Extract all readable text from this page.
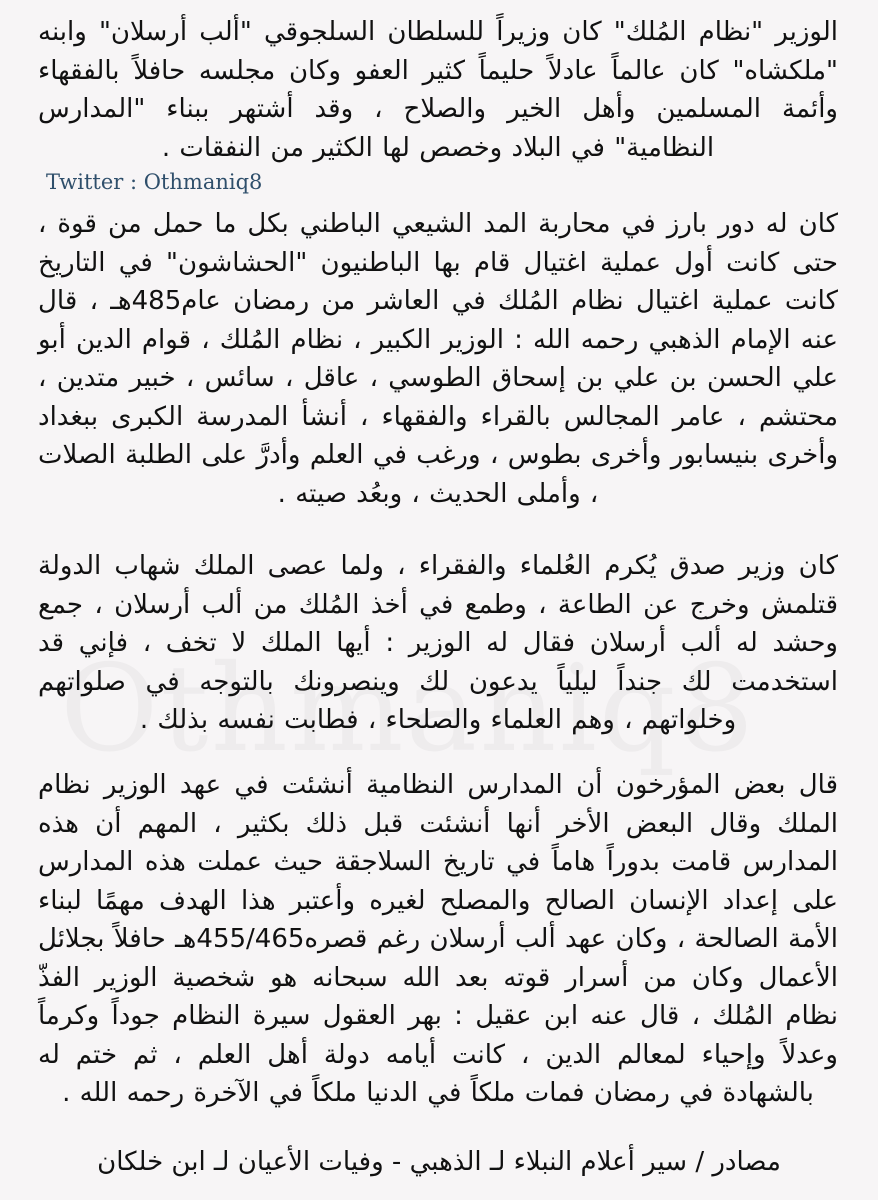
الوزير "نظام المُلك" كان وزيراً للسلطان السلجوقي "ألب أرسلان" وابنه "ملكشاه" كان عالماً عادلاً حليماً كثير العفو وكان مجلسه حافلاً بالفقهاء وأئمة المسلمين وأهل الخير والصلاح ، وقد أشتهر ببناء "المدارس النظامية" في البلاد وخصص لها الكثير من النفقات .

Twitter : Othmaniq8

كان له دور بارز في محاربة المد الشيعي الباطني بكل ما حمل من قوة ، حتى كانت أول عملية اغتيال قام بها الباطنيون "الحشاشون" في التاريخ كانت عملية اغتيال نظام المُلك في العاشر من رمضان عام485هـ ، قال عنه الإمام الذهبي رحمه الله : الوزير الكبير ، نظام المُلك ، قوام الدين أبو علي الحسن بن علي بن إسحاق الطوسي ، عاقل ، سائس ، خبير متدين ، محتشم ، عامر المجالس بالقراء والفقهاء ، أنشأ المدرسة الكبرى ببغداد وأخرى بنيسابور وأخرى بطوس ، ورغب في العلم وأدرَّ على الطلبة الصلات ، وأملى الحديث ، وبعُد صيته .

كان وزير صدق يُكرم العُلماء والفقراء ، ولما عصى الملك شهاب الدولة قتلمش وخرج عن الطاعة ، وطمع في أخذ المُلك من ألب أرسلان ، جمع وحشد له ألب أرسلان فقال له الوزير : أيها الملك لا تخف ، فإني قد استخدمت لك جنداً ليلياً يدعون لك وينصرونك بالتوجه في صلواتهم وخلواتهم ، وهم العلماء والصلحاء ، فطابت نفسه بذلك .

قال بعض المؤرخون أن المدارس النظامية أنشئت في عهد الوزير نظام الملك وقال البعض الأخر أنها أنشئت قبل ذلك بكثير ، المهم أن هذه المدارس قامت بدوراً هاماً في تاريخ السلاجقة حيث عملت هذه المدارس على إعداد الإنسان الصالح والمصلح لغيره وأعتبر هذا الهدف مهمًا لبناء الأمة الصالحة ، وكان عهد ألب أرسلان رغم قصره455/465هـ حافلاً بجلائل الأعمال وكان من أسرار قوته بعد الله سبحانه هو شخصية الوزير الفذّ نظام المُلك ، قال عنه ابن عقيل : بهر العقول سيرة النظام جوداً وكرماً وعدلاً وإحياء لمعالم الدين ، كانت أيامه دولة أهل العلم ، ثم ختم له بالشهادة في رمضان فمات ملكاً في الدنيا ملكاً في الآخرة رحمه الله .

مصادر / سير أعلام النبلاء لـ الذهبي - وفيات الأعيان لـ ابن خلكان
